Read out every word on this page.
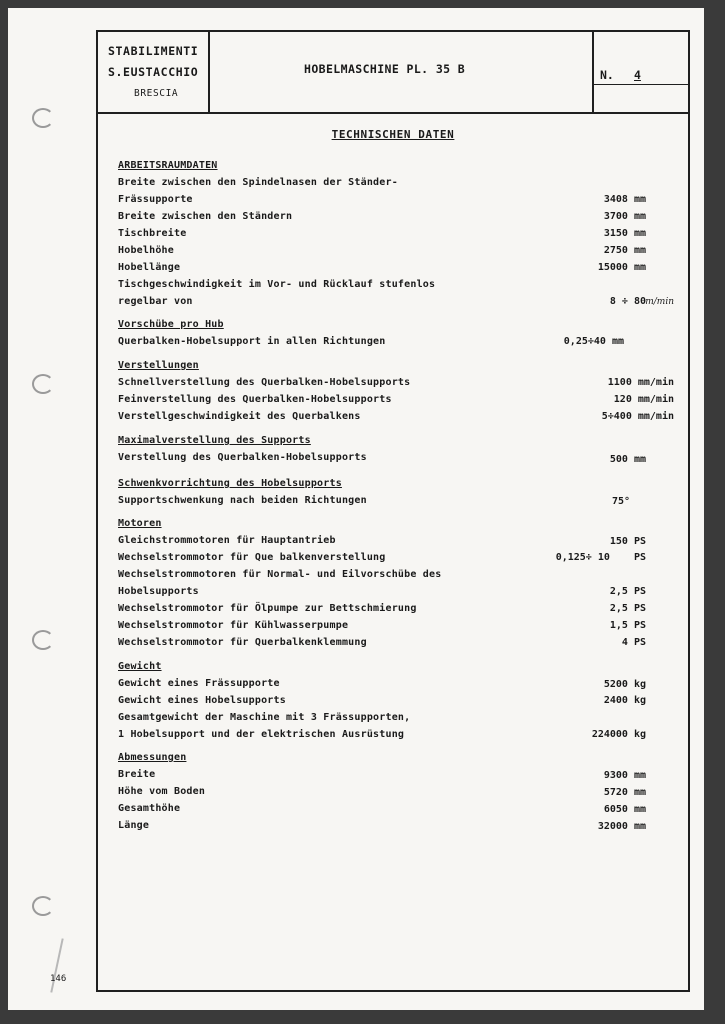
STABILIMENTI
S.EUSTACCHIO
BRESCIA
HOBELMASCHINE PL. 35 B	N. 4
TECHNISCHEN DATEN
ARBEITSRAUMDATEN
Breite zwischen den Spindelnasen der Ständer-
Frässupporte	3408 mm
Breite zwischen den Ständern	3700 mm
Tischbreite	3150 mm
Hobelhöhe	2750 mm
Hobellänge	15000 mm
Tischgeschwindigkeit im Vor- und Rücklauf stufenlos
regelbar von	8 ÷ 80 m/min
Vorschübe pro Hub
Querbalken-Hobelsupport in allen Richtungen	0,25÷40 mm
Verstellungen
Schnellverstellung des Querbalken-Hobelsupports	1100 mm/min
Feinverstellung des Querbalken-Hobelsupports	120 mm/min
Verstellgeschwindigkeit des Querbalkens	5÷400 mm/min
Maximalverstellung des Supports
Verstellung des Querbalken-Hobelsupports	500 mm
Schwenkvorrichtung des Hobelsupports
Supportschwenkung nach beiden Richtungen	75°
Motoren
Gleichstrommotoren für Hauptantrieb	150 PS
Wechselstrommotor für Que balkenverstellung	0,125÷ 10    PS
Wechselstrommotoren für Normal- und Eilvorschübe des
Hobelsupports	2,5 PS
Wechselstrommotor für Ölpumpe zur Bettschmierung	2,5 PS
Wechselstrommotor für Kühlwasserpumpe	1,5 PS
Wechselstrommotor für Querbalkenklemmung	4 PS
Gewicht
Gewicht eines Frässupporte	5200 kg
Gewicht eines Hobelsupports	2400 kg
Gesamtgewicht der Maschine mit 3 Frässupporten,
1 Hobelsupport und der elektrischen Ausrüstung	224000 kg
Abmessungen
Breite	9300 mm
Höhe vom Boden	5720 mm
Gesamthöhe	6050 mm
Länge	32000 mm
146
